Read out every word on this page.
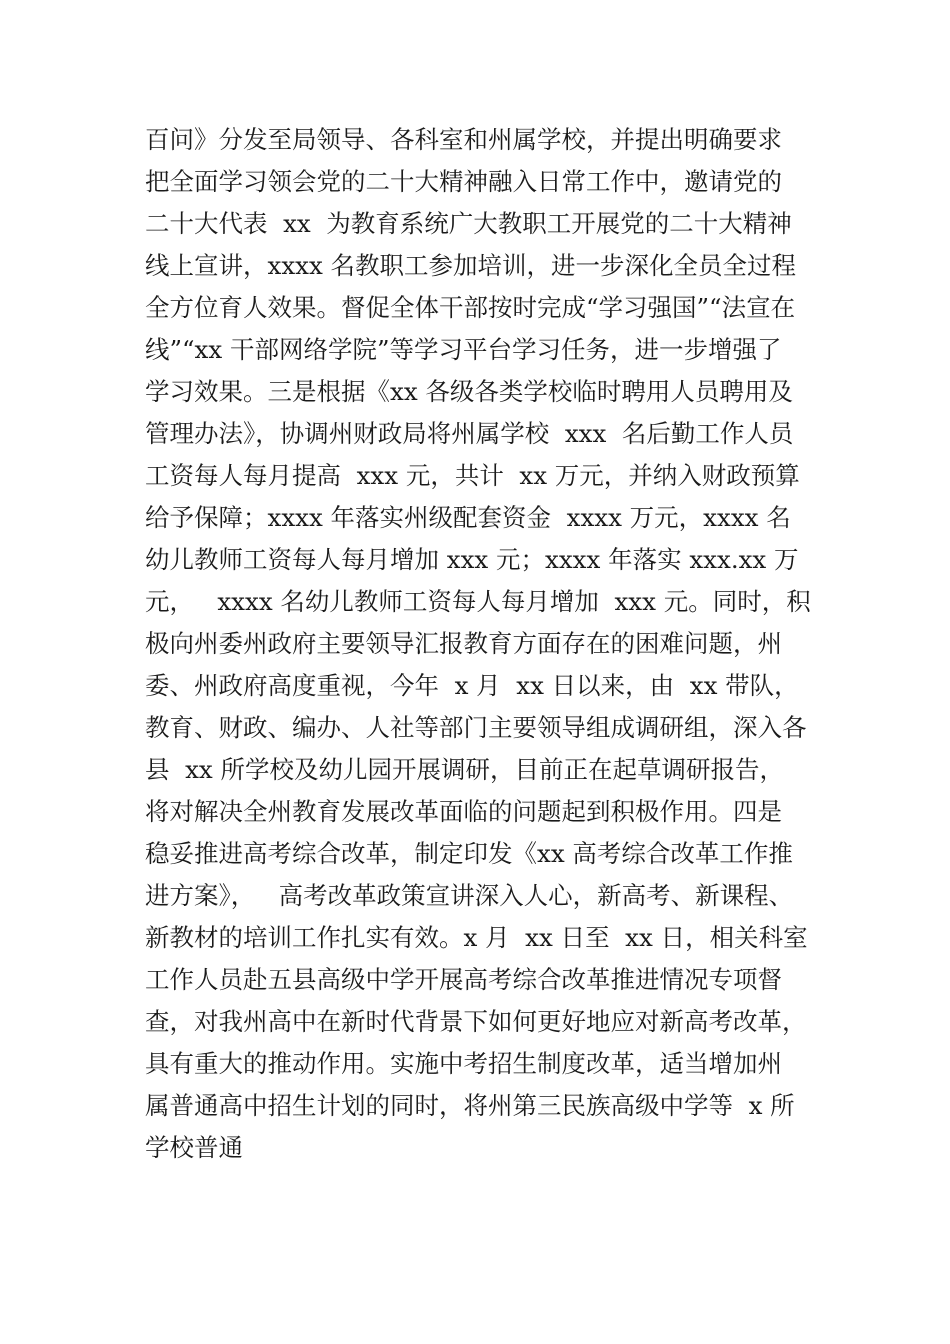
百问》分发至局领导、各科室和州属学校，并提出明确要求
把全面学习领会党的二十大精神融入日常工作中，邀请党的
二十大代表  xx  为教育系统广大教职工开展党的二十大精神
线上宣讲，xxxx 名教职工参加培训，进一步深化全员全过程
全方位育人效果。督促全体干部按时完成“学习强国”“法宣在
线”“xx 干部网络学院”等学习平台学习任务，进一步增强了
学习效果。三是根据《xx 各级各类学校临时聘用人员聘用及
管理办法》，协调州财政局将州属学校  xxx  名后勤工作人员
工资每人每月提高  xxx 元，共计  xx 万元，并纳入财政预算
给予保障；xxxx 年落实州级配套资金  xxxx 万元，xxxx 名
幼儿教师工资每人每月增加 xxx 元；xxxx 年落实 xxx.xx 万
元，   xxxx 名幼儿教师工资每人每月增加  xxx 元。同时，积
极向州委州政府主要领导汇报教育方面存在的困难问题，州
委、州政府高度重视，今年  x 月  xx 日以来，由  xx 带队，
教育、财政、编办、人社等部门主要领导组成调研组，深入各
县  xx 所学校及幼儿园开展调研，目前正在起草调研报告，
将对解决全州教育发展改革面临的问题起到积极作用。四是
稳妥推进高考综合改革，制定印发《xx 高考综合改革工作推
进方案》，   高考改革政策宣讲深入人心，新高考、新课程、
新教材的培训工作扎实有效。x 月  xx 日至  xx 日，相关科室
工作人员赴五县高级中学开展高考综合改革推进情况专项督
查，对我州高中在新时代背景下如何更好地应对新高考改革，
具有重大的推动作用。实施中考招生制度改革，适当增加州
属普通高中招生计划的同时，将州第三民族高级中学等  x 所
学校普通
